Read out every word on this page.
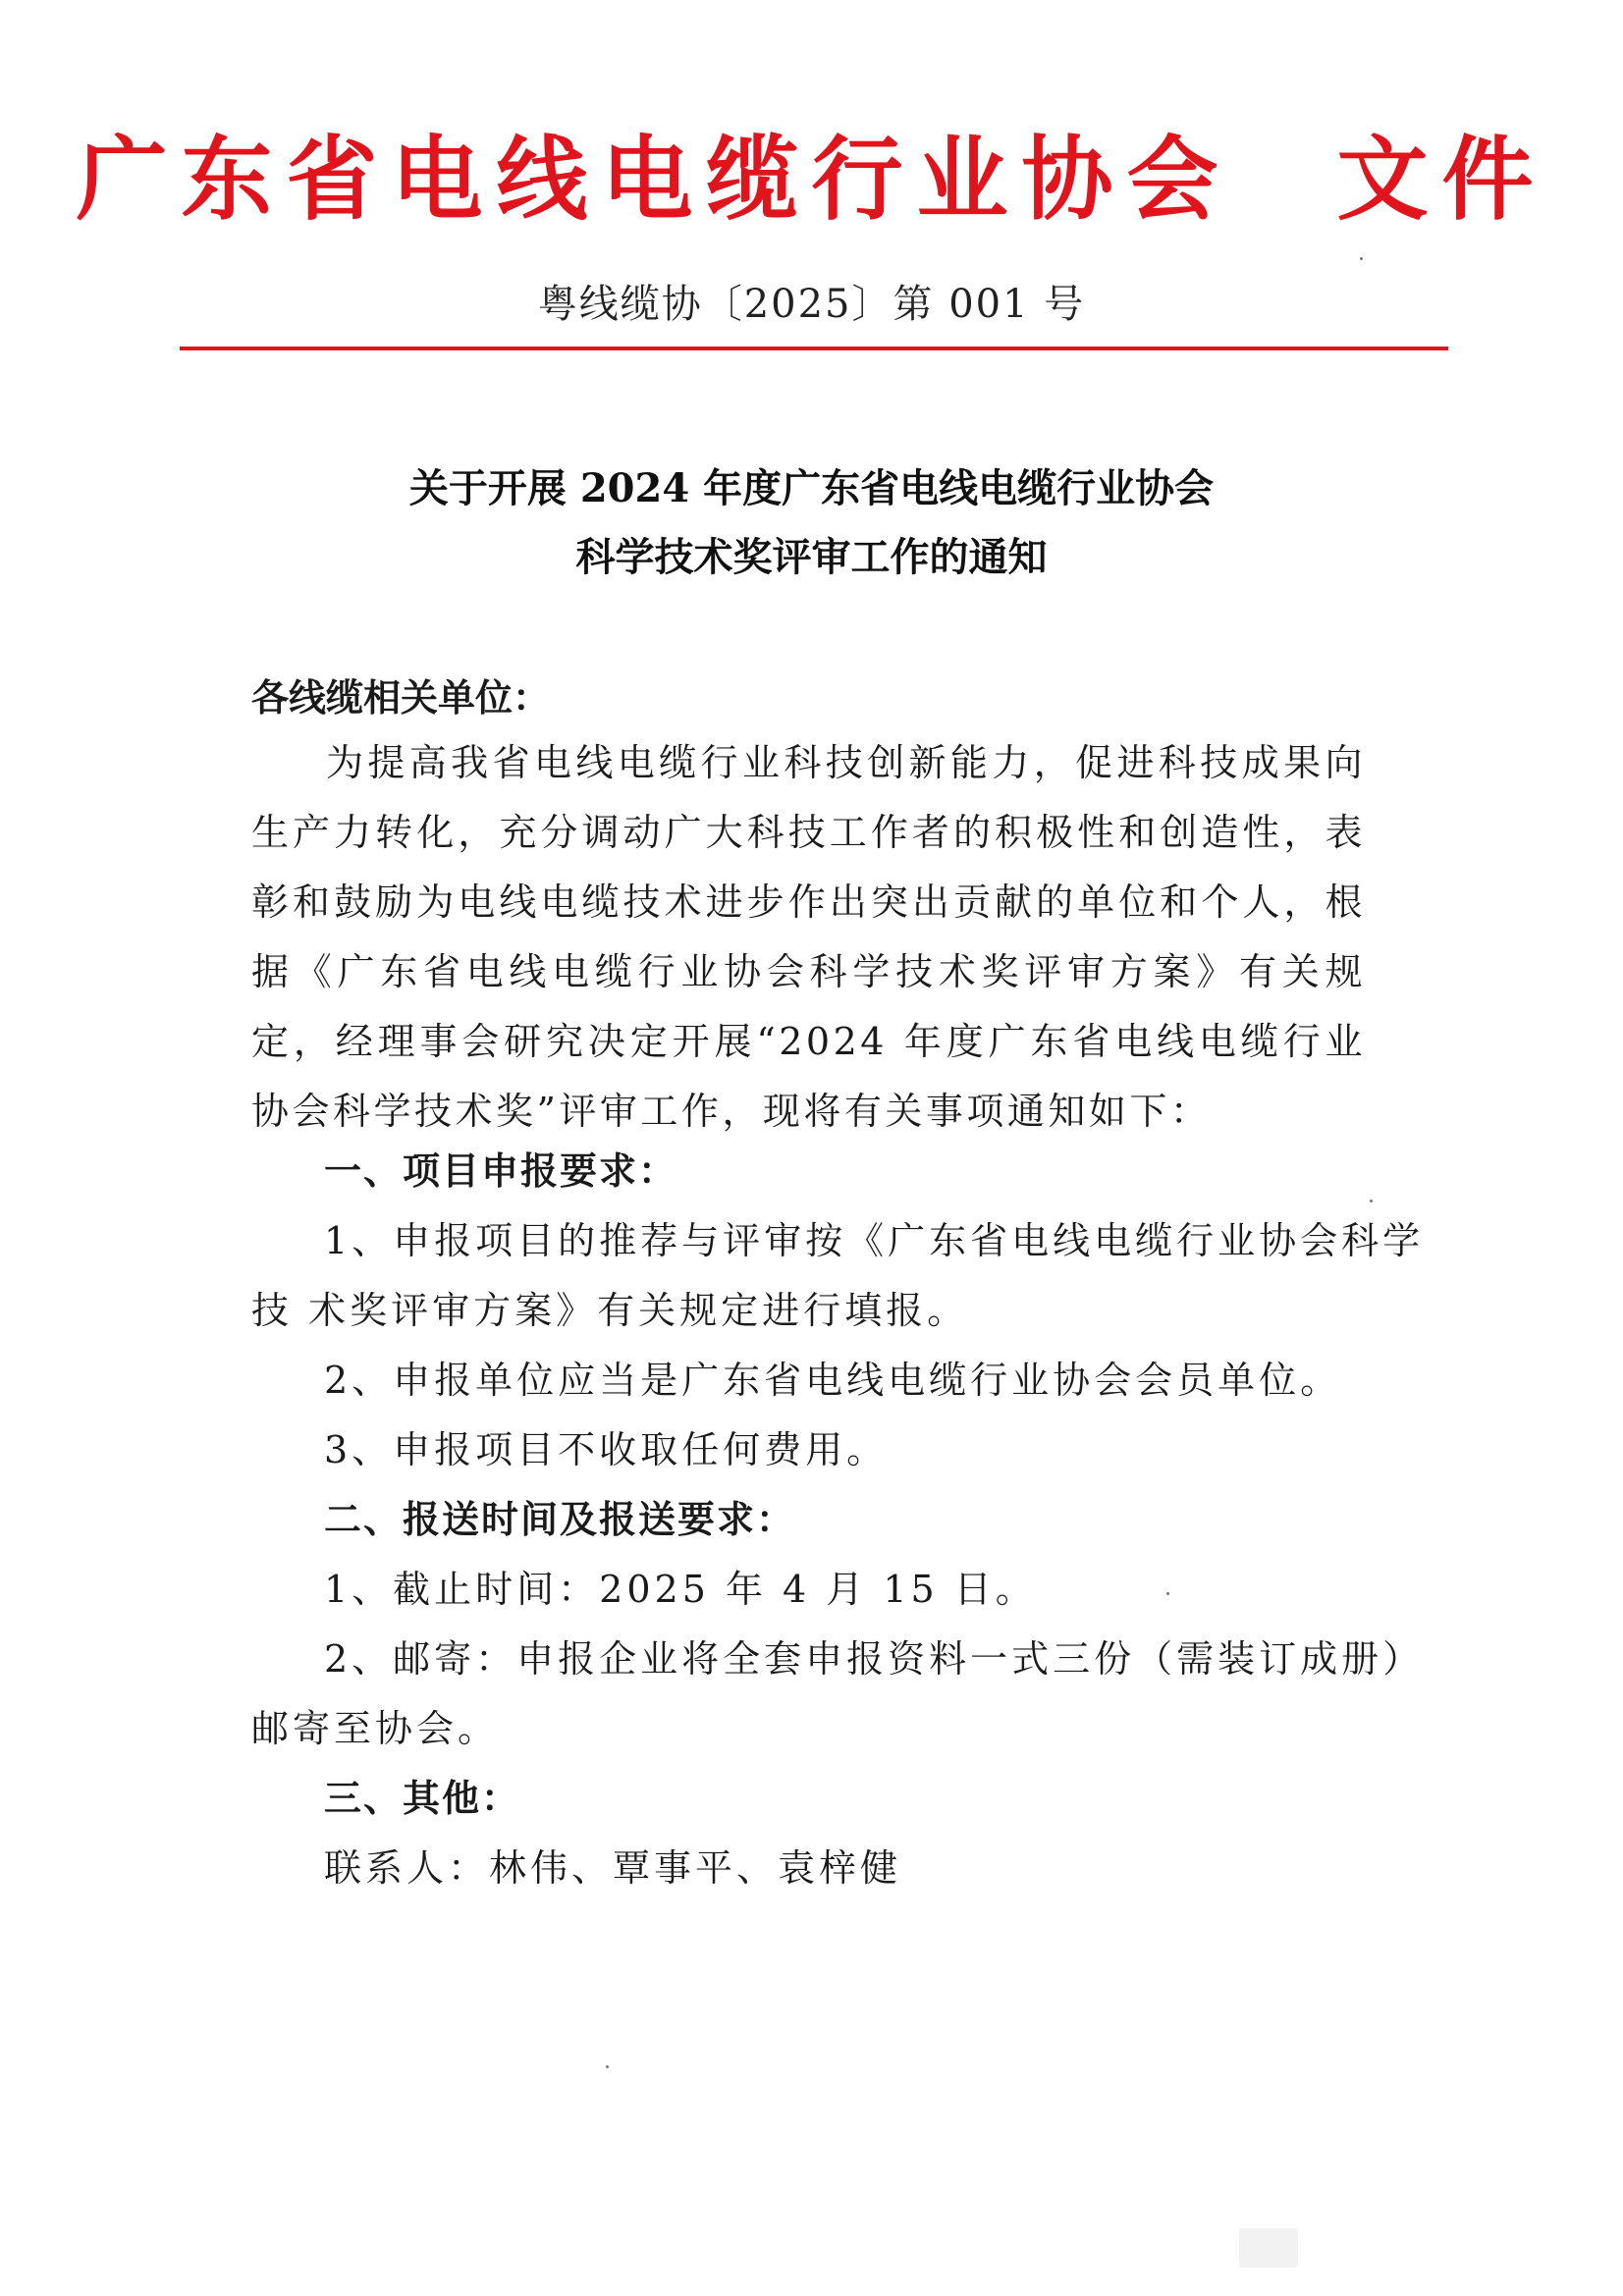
广东省电线电缆行业协会　文件
粤线缆协〔2025〕第 001 号
关于开展 2024 年度广东省电线电缆行业协会
科学技术奖评审工作的通知
各线缆相关单位：
为提高我省电线电缆行业科技创新能力，促进科技成果向生产力转化，充分调动广大科技工作者的积极性和创造性，表彰和鼓励为电线电缆技术进步作出突出贡献的单位和个人，根据《广东省电线电缆行业协会科学技术奖评审方案》有关规定，经理事会研究决定开展“2024 年度广东省电线电缆行业协会科学技术奖”评审工作，现将有关事项通知如下：
一、项目申报要求：
1、申报项目的推荐与评审按《广东省电线电缆行业协会科学
技 术奖评审方案》有关规定进行填报。
2、申报单位应当是广东省电线电缆行业协会会员单位。
3、申报项目不收取任何费用。
二、报送时间及报送要求：
1、截止时间：2025 年 4 月 15 日。
2、邮寄：申报企业将全套申报资料一式三份（需装订成册）
邮寄至协会。
三、其他：
联系人：林伟、覃事平、袁梓健
